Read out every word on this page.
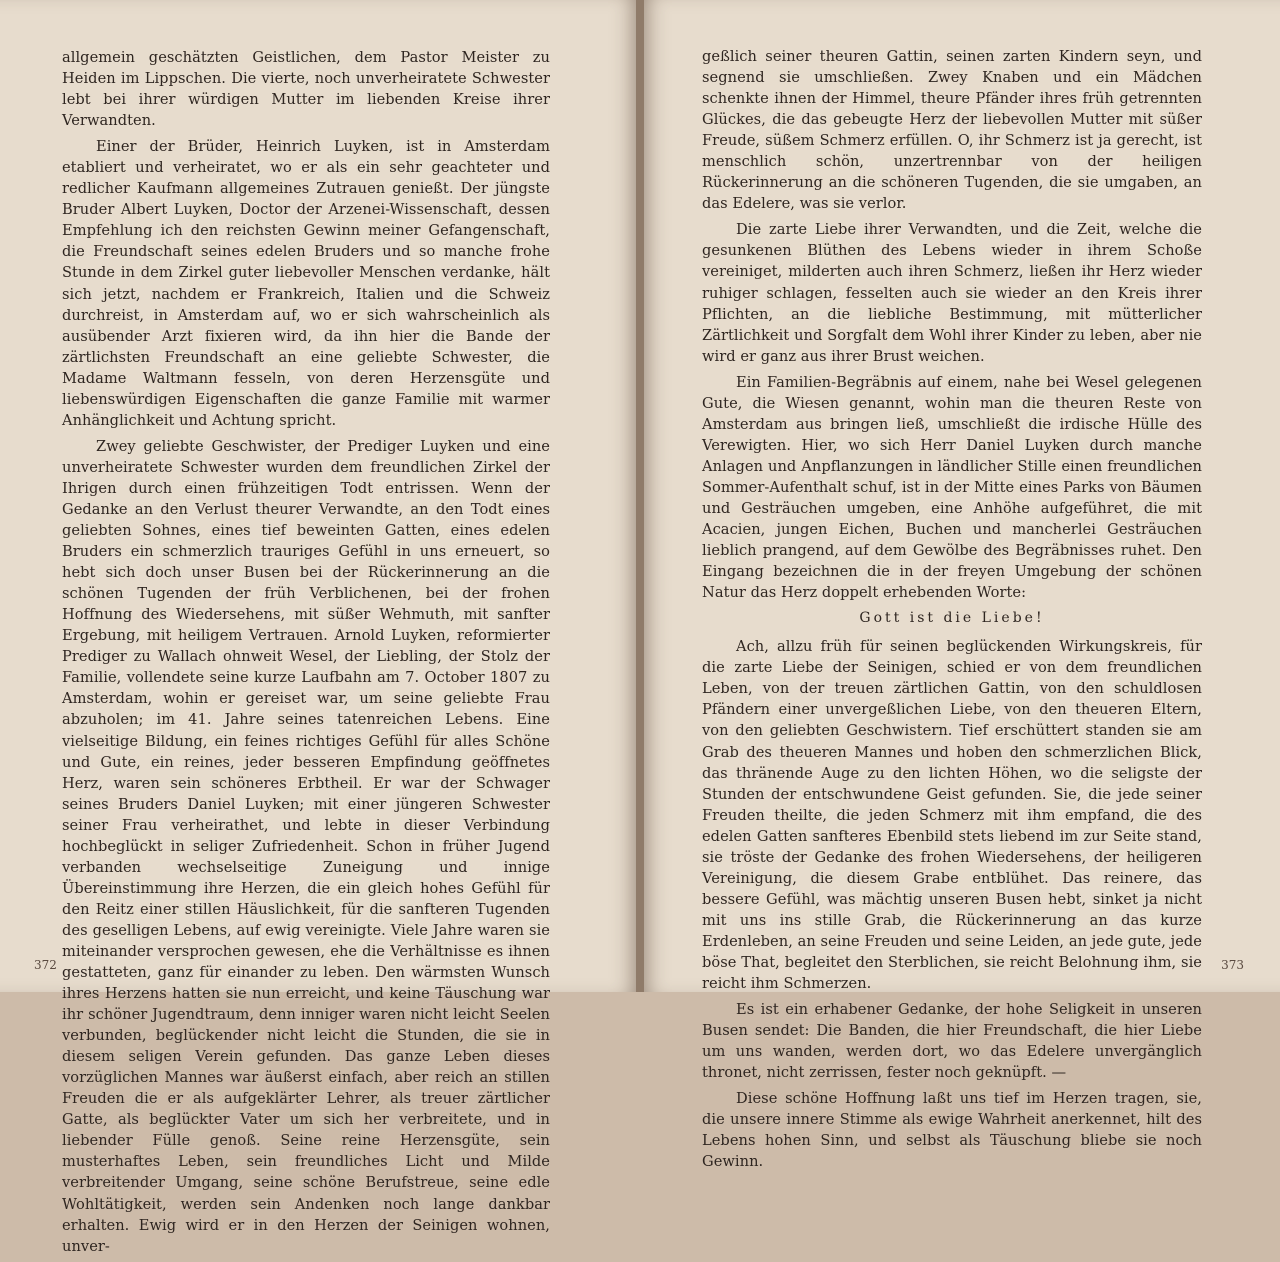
allgemein geschätzten Geistlichen, dem Pastor Meister zu Heiden im Lippschen. Die vierte, noch unverheiratete Schwester lebt bei ihrer würdigen Mutter im liebenden Kreise ihrer Verwandten.

Einer der Brüder, Heinrich Luyken, ist in Amsterdam etabliert und verheiratet, wo er als ein sehr geachteter und redlicher Kaufmann allgemeines Zutrauen genießt. Der jüngste Bruder Albert Luyken, Doctor der Arzenei-Wissenschaft, dessen Empfehlung ich den reichsten Gewinn meiner Gefangenschaft, die Freundschaft seines edelen Bruders und so manche frohe Stunde in dem Zirkel guter liebevoller Menschen verdanke, hält sich jetzt, nachdem er Frankreich, Italien und die Schweiz durchreist, in Amsterdam auf, wo er sich wahrscheinlich als ausübender Arzt fixieren wird, da ihn hier die Bande der zärtlichsten Freundschaft an eine geliebte Schwester, die Madame Waltmann fesseln, von deren Herzensgüte und liebenswürdigen Eigenschaften die ganze Familie mit warmer Anhänglichkeit und Achtung spricht.

Zwey geliebte Geschwister, der Prediger Luyken und eine unverheiratete Schwester wurden dem freundlichen Zirkel der Ihrigen durch einen frühzeitigen Todt entrissen. Wenn der Gedanke an den Verlust theurer Verwandte, an den Todt eines geliebten Sohnes, eines tief beweinten Gatten, eines edelen Bruders ein schmerzlich trauriges Gefühl in uns erneuert, so hebt sich doch unser Busen bei der Rückerinnerung an die schönen Tugenden der früh Verblichenen, bei der frohen Hoffnung des Wiedersehens, mit süßer Wehmuth, mit sanfter Ergebung, mit heiligem Vertrauen. Arnold Luyken, reformierter Prediger zu Wallach ohnweit Wesel, der Liebling, der Stolz der Familie, vollendete seine kurze Laufbahn am 7. October 1807 zu Amsterdam, wohin er gereiset war, um seine geliebte Frau abzuholen; im 41. Jahre seines tatenreichen Lebens. Eine vielseitige Bildung, ein feines richtiges Gefühl für alles Schöne und Gute, ein reines, jeder besseren Empfindung geöffnetes Herz, waren sein schöneres Erbtheil. Er war der Schwager seines Bruders Daniel Luyken; mit einer jüngeren Schwester seiner Frau verheirathet, und lebte in dieser Verbindung hochbeglückt in seliger Zufriedenheit. Schon in früher Jugend verbanden wechselseitige Zuneigung und innige Übereinstimmung ihre Herzen, die ein gleich hohes Gefühl für den Reitz einer stillen Häuslichkeit, für die sanfteren Tugenden des geselligen Lebens, auf ewig vereinigte. Viele Jahre waren sie miteinander versprochen gewesen, ehe die Verhältnisse es ihnen gestatteten, ganz für einander zu leben. Den wärmsten Wunsch ihres Herzens hatten sie nun erreicht, und keine Täuschung war ihr schöner Jugendtraum, denn inniger waren nicht leicht Seelen verbunden, beglückender nicht leicht die Stunden, die sie in diesem seligen Verein gefunden. Das ganze Leben dieses vorzüglichen Mannes war äußerst einfach, aber reich an stillen Freuden die er als aufgeklärter Lehrer, als treuer zärtlicher Gatte, als beglückter Vater um sich her verbreitete, und in liebender Fülle genoß. Seine reine Herzensgüte, sein musterhaftes Leben, sein freundliches Licht und Milde verbreitender Umgang, seine schöne Berufstreue, seine edle Wohltätigkeit, werden sein Andenken noch lange dankbar erhalten. Ewig wird er in den Herzen der Seinigen wohnen, unver-

372

geßlich seiner theuren Gattin, seinen zarten Kindern seyn, und segnend sie umschließen. Zwey Knaben und ein Mädchen schenkte ihnen der Himmel, theure Pfänder ihres früh getrennten Glückes, die das gebeugte Herz der liebevollen Mutter mit süßer Freude, süßem Schmerz erfüllen. O, ihr Schmerz ist ja gerecht, ist menschlich schön, unzertrennbar von der heiligen Rückerinnerung an die schöneren Tugenden, die sie umgaben, an das Edelere, was sie verlor.

Die zarte Liebe ihrer Verwandten, und die Zeit, welche die gesunkenen Blüthen des Lebens wieder in ihrem Schoße vereiniget, milderten auch ihren Schmerz, ließen ihr Herz wieder ruhiger schlagen, fesselten auch sie wieder an den Kreis ihrer Pflichten, an die liebliche Bestimmung, mit mütterlicher Zärtlichkeit und Sorgfalt dem Wohl ihrer Kinder zu leben, aber nie wird er ganz aus ihrer Brust weichen.

Ein Familien-Begräbnis auf einem, nahe bei Wesel gelegenen Gute, die Wiesen genannt, wohin man die theuren Reste von Amsterdam aus bringen ließ, umschließt die irdische Hülle des Verewigten. Hier, wo sich Herr Daniel Luyken durch manche Anlagen und Anpflanzungen in ländlicher Stille einen freundlichen Sommer-Aufenthalt schuf, ist in der Mitte eines Parks von Bäumen und Gesträuchen umgeben, eine Anhöhe aufgeführet, die mit Acacien, jungen Eichen, Buchen und mancherlei Gesträuchen lieblich prangend, auf dem Gewölbe des Begräbnisses ruhet. Den Eingang bezeichnen die in der freyen Umgebung der schönen Natur das Herz doppelt erhebenden Worte:

Gott ist die Liebe!

Ach, allzu früh für seinen beglückenden Wirkungskreis, für die zarte Liebe der Seinigen, schied er von dem freundlichen Leben, von der treuen zärtlichen Gattin, von den schuldlosen Pfändern einer unvergeßlichen Liebe, von den theueren Eltern, von den geliebten Geschwistern. Tief erschüttert standen sie am Grab des theueren Mannes und hoben den schmerzlichen Blick, das thränende Auge zu den lichten Höhen, wo die seligste der Stunden der entschwundene Geist gefunden. Sie, die jede seiner Freuden theilte, die jeden Schmerz mit ihm empfand, die des edelen Gatten sanfteres Ebenbild stets liebend im zur Seite stand, sie tröste der Gedanke des frohen Wiedersehens, der heiligeren Vereinigung, die diesem Grabe entblühet. Das reinere, das bessere Gefühl, was mächtig unseren Busen hebt, sinket ja nicht mit uns ins stille Grab, die Rückerinnerung an das kurze Erdenleben, an seine Freuden und seine Leiden, an jede gute, jede böse That, begleitet den Sterblichen, sie reicht Belohnung ihm, sie reicht ihm Schmerzen.

Es ist ein erhabener Gedanke, der hohe Seligkeit in unseren Busen sendet: Die Banden, die hier Freundschaft, die hier Liebe um uns wanden, werden dort, wo das Edelere unvergänglich thronet, nicht zerrissen, fester noch geknüpft. —

Diese schöne Hoffnung laßt uns tief im Herzen tragen, sie, die unsere innere Stimme als ewige Wahrheit anerkennet, hilt des Lebens hohen Sinn, und selbst als Täuschung bliebe sie noch Gewinn.

373
